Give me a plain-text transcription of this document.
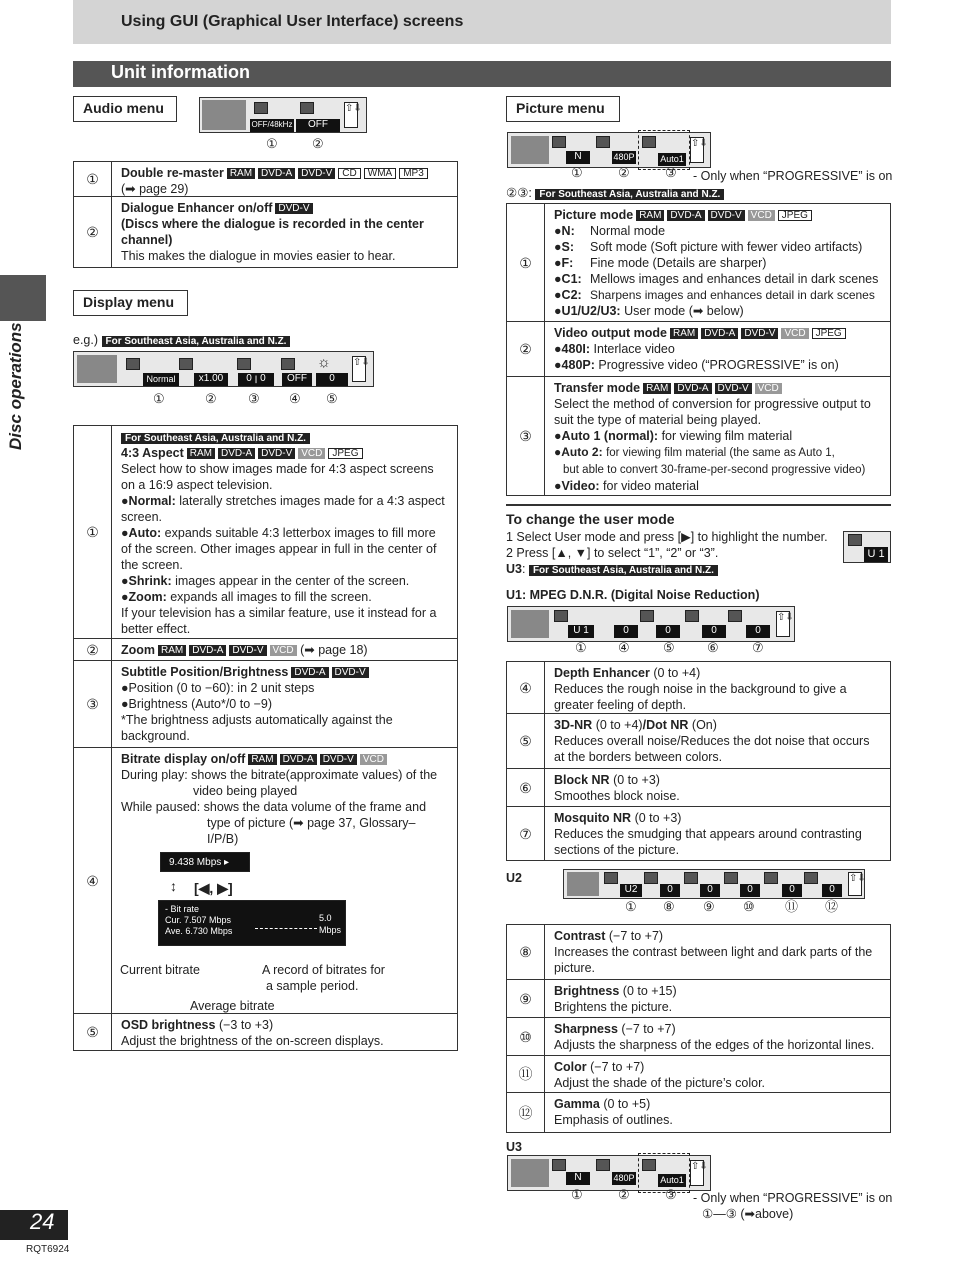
Using GUI (Graphical User Interface) screens
Unit information
Disc operations
24
RQT6924
Audio menu	⇧⇩
OFF/48kHz	OFF
①	②
①	Double re-master RAM DVD-A DVD-V CD WMA MP3
(➡ page 29)
②
Dialogue Enhancer on/off DVD-V
(Discs where the dialogue is recorded in the center channel)
This makes the dialogue in movies easier to hear.
Display menu
e.g.) For Southeast Asia, Australia and N.Z.
☼ ⇧⇩
Normal	x1.00	0 ꞁ 0	OFF	0
①	② ③ ④ ⑤
①
For Southeast Asia, Australia and N.Z.
4:3 Aspect RAM DVD-A DVD-V VCD JPEG
Select how to show images made for 4:3 aspect screens on a 16:9 aspect television.
●Normal: laterally stretches images made for a 4:3 aspect screen.
●Auto: expands suitable 4:3 letterbox images to fill more of the screen. Other images appear in full in the center of the screen.
●Shrink: images appear in the center of the screen.
●Zoom: expands all images to fill the screen.
If your television has a similar feature, use it instead for a better effect.
②	Zoom RAM DVD-A DVD-V VCD (➡ page 18)
③
Subtitle Position/Brightness DVD-A DVD-V
●Position (0 to −60): in 2 unit steps
●Brightness (Auto*/0 to −9)
*The brightness adjusts automatically against the background.
④
Bitrate display on/off RAM DVD-A DVD-V VCD
During play: shows the bitrate(approximate values) of the
video being played
While paused: shows the data volume of the frame and
type of picture (➡ page 37, Glossary–
I/P/B)
9.438 Mbps ▸
↕ [◀, ▶]
- Bit rate
Cur. 7.507 Mbps
Ave. 6.730 Mbps
5.0
Mbps
Current bitrate	A record of bitrates for
a sample period.
Average bitrate
⑤	OSD brightness (−3 to +3)
Adjust the brightness of the on-screen displays.
Picture menu
⇧⇩
N	480P	Auto1
①	②	③ - Only when “PROGRESSIVE” is on
②③: For Southeast Asia, Australia and N.Z.
①
Picture mode RAM DVD-A DVD-V VCD JPEG
●N: Normal mode
●S: Soft mode (Soft picture with fewer video artifacts)
●F: Fine mode (Details are sharper)
●C1: Mellows images and enhances detail in dark scenes
●C2: Sharpens images and enhances detail in dark scenes
●U1/U2/U3: User mode (➡ below)
②
Video output mode RAM DVD-A DVD-V VCD JPEG
●480I: Interlace video
●480P: Progressive video (“PROGRESSIVE” is on)
③
Transfer mode RAM DVD-A DVD-V VCD
Select the method of conversion for progressive output to suit the type of material being played.
●Auto 1 (normal): for viewing film material
●Auto 2: for viewing film material (the same as Auto 1,
but able to convert 30-frame-per-second progressive video)
●Video: for video material
To change the user mode
1 Select User mode and press [▶] to highlight the number.
2 Press [▲, ▼] to select “1”, “2” or “3”.
U3: For Southeast Asia, Australia and N.Z.
U 1
U1: MPEG D.N.R. (Digital Noise Reduction)
⇧⇩
U 1	0	0	0	0
① ④	⑤ ⑥	⑦
④
Depth Enhancer (0 to +4)
Reduces the rough noise in the background to give a greater feeling of depth.
⑤
3D-NR (0 to +4)/Dot NR (On)
Reduces overall noise/Reduces the dot noise that occurs at the borders between colors.
⑥	Block NR (0 to +3)
Smoothes block noise.
⑦
Mosquito NR (0 to +3)
Reduces the smudging that appears around contrasting sections of the picture.
U2	⇧⇩
U2	0	0	0	0	0
① ⑧ ⑨ ⑩ ⑪ ⑫
⑧
Contrast (−7 to +7)
Increases the contrast between light and dark parts of the picture.
⑨	Brightness (0 to +15)
Brightens the picture.
⑩	Sharpness (−7 to +7)
Adjusts the sharpness of the edges of the horizontal lines.
⑪	Color (−7 to +7)
Adjust the shade of the picture’s color.
⑫
Gamma (0 to +5)
Emphasis of outlines.
U3
⇧⇩
N	480P	Auto1
①	②	③ - Only when “PROGRESSIVE” is on
①—③ (➡above)
